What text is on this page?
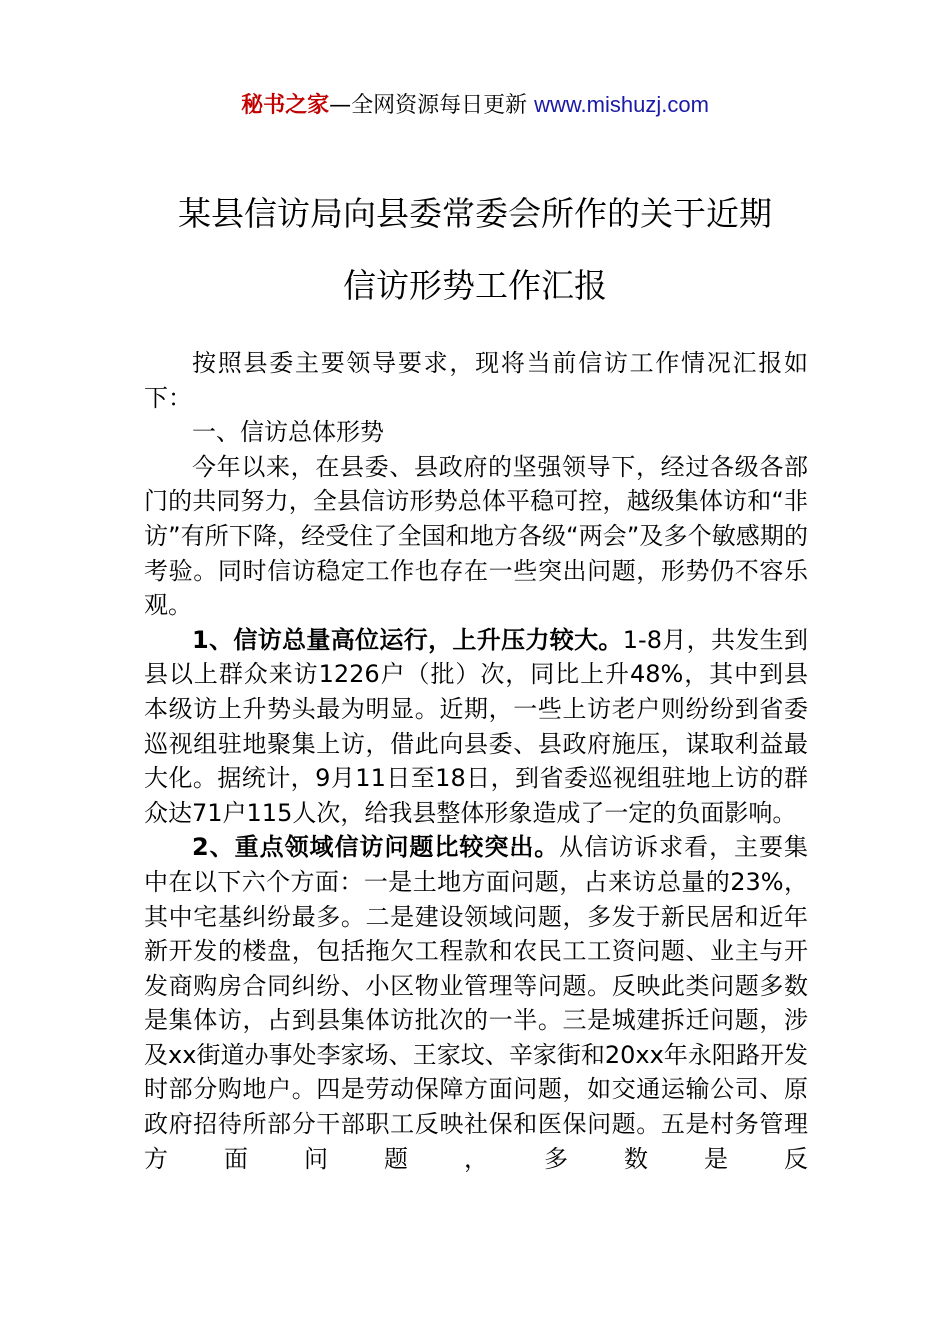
秘书之家—全网资源每日更新 www.mishuzj.com
某县信访局向县委常委会所作的关于近期
信访形势工作汇报

按照县委主要领导要求，现将当前信访工作情况汇报如下：

一、信访总体形势

今年以来，在县委、县政府的坚强领导下，经过各级各部门的共同努力，全县信访形势总体平稳可控，越级集体访和“非访”有所下降，经受住了全国和地方各级“两会”及多个敏感期的考验。同时信访稳定工作也存在一些突出问题，形势仍不容乐观。

1、信访总量高位运行，上升压力较大。1-8月，共发生到县以上群众来访1226户（批）次，同比上升48%，其中到县本级访上升势头最为明显。近期，一些上访老户则纷纷到省委巡视组驻地聚集上访，借此向县委、县政府施压，谋取利益最大化。据统计，9月11日至18日，到省委巡视组驻地上访的群众达71户115人次，给我县整体形象造成了一定的负面影响。

2、重点领域信访问题比较突出。从信访诉求看，主要集中在以下六个方面：一是土地方面问题，占来访总量的23%，其中宅基纠纷最多。二是建设领域问题，多发于新民居和近年新开发的楼盘，包括拖欠工程款和农民工工资问题、业主与开发商购房合同纠纷、小区物业管理等问题。反映此类问题多数是集体访，占到县集体访批次的一半。三是城建拆迁问题，涉及xx街道办事处李家场、王家坟、辛家街和20xx年永阳路开发时部分购地户。四是劳动保障方面问题，如交通运输公司、原政府招待所部分干部职工反映社保和医保问题。五是村务管理方面问题，多数是反
